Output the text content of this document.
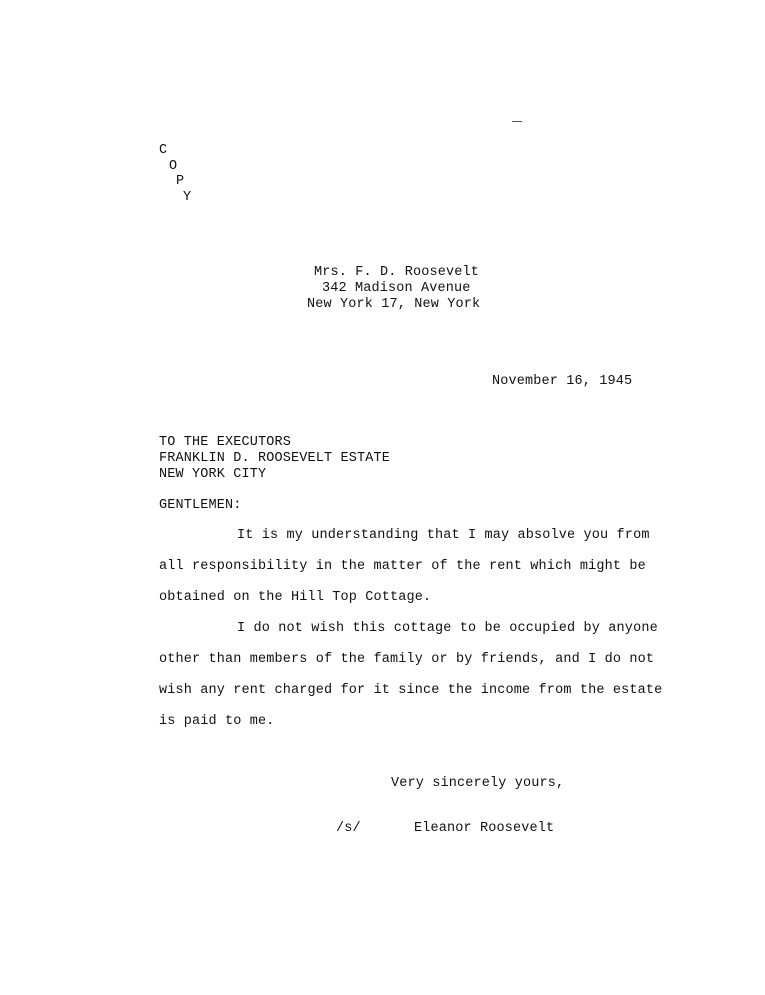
C
O
P
Y
Mrs. F. D. Roosevelt
342 Madison Avenue
New York 17, New York
November 16, 1945
TO THE EXECUTORS
FRANKLIN D. ROOSEVELT ESTATE
NEW YORK CITY
GENTLEMEN:
It is my understanding that I may absolve you from
all responsibility in the matter of the rent which might be
obtained on the Hill Top Cottage.
I do not wish this cottage to be occupied by anyone
other than members of the family or by friends, and I do not
wish any rent charged for it since the income from the estate
is paid to me.
Very sincerely yours,
/s/	Eleanor Roosevelt
